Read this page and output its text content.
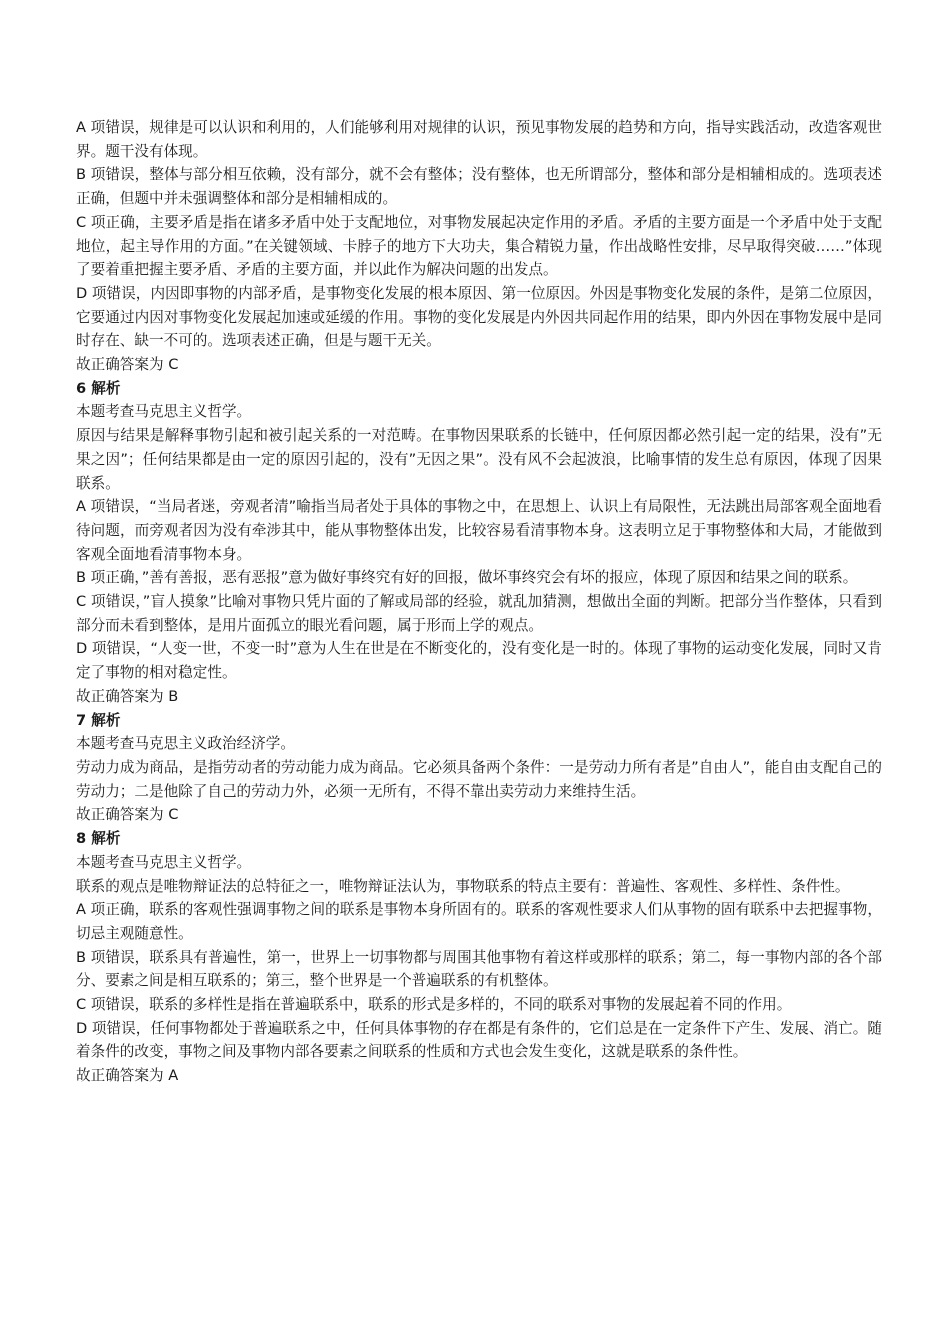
A 项错误，规律是可以认识和利用的，人们能够利用对规律的认识，预见事物发展的趋势和方向，指导实践活动，改造客观世界。题干没有体现。

B 项错误，整体与部分相互依赖，没有部分，就不会有整体；没有整体，也无所谓部分，整体和部分是相辅相成的。选项表述正确，但题中并未强调整体和部分是相辅相成的。

C 项正确，主要矛盾是指在诸多矛盾中处于支配地位，对事物发展起决定作用的矛盾。矛盾的主要方面是一个矛盾中处于支配地位，起主导作用的方面。”在关键领域、卡脖子的地方下大功夫，集合精锐力量，作出战略性安排，尽早取得突破……”体现了要着重把握主要矛盾、矛盾的主要方面，并以此作为解决问题的出发点。

D 项错误，内因即事物的内部矛盾，是事物变化发展的根本原因、第一位原因。外因是事物变化发展的条件，是第二位原因，它要通过内因对事物变化发展起加速或延缓的作用。事物的变化发展是内外因共同起作用的结果，即内外因在事物发展中是同时存在、缺一不可的。选项表述正确，但是与题干无关。

故正确答案为 C

6 解析

本题考查马克思主义哲学。

原因与结果是解释事物引起和被引起关系的一对范畴。在事物因果联系的长链中，任何原因都必然引起一定的结果，没有”无果之因”；任何结果都是由一定的原因引起的，没有”无因之果”。没有风不会起波浪，比喻事情的发生总有原因，体现了因果联系。

A 项错误，“当局者迷，旁观者清”喻指当局者处于具体的事物之中，在思想上、认识上有局限性，无法跳出局部客观全面地看待问题，而旁观者因为没有牵涉其中，能从事物整体出发，比较容易看清事物本身。这表明立足于事物整体和大局，才能做到客观全面地看清事物本身。

B 项正确，”善有善报，恶有恶报”意为做好事终究有好的回报，做坏事终究会有坏的报应，体现了原因和结果之间的联系。

C 项错误，”盲人摸象”比喻对事物只凭片面的了解或局部的经验，就乱加猜测，想做出全面的判断。把部分当作整体，只看到部分而未看到整体，是用片面孤立的眼光看问题，属于形而上学的观点。

D 项错误，“人变一世，不变一时”意为人生在世是在不断变化的，没有变化是一时的。体现了事物的运动变化发展，同时又肯定了事物的相对稳定性。

故正确答案为 B

7 解析

本题考查马克思主义政治经济学。

劳动力成为商品，是指劳动者的劳动能力成为商品。它必须具备两个条件：一是劳动力所有者是”自由人”，能自由支配自己的劳动力；二是他除了自己的劳动力外，必须一无所有，不得不靠出卖劳动力来维持生活。

故正确答案为 C

8 解析

本题考查马克思主义哲学。

联系的观点是唯物辩证法的总特征之一，唯物辩证法认为，事物联系的特点主要有：普遍性、客观性、多样性、条件性。

A 项正确，联系的客观性强调事物之间的联系是事物本身所固有的。联系的客观性要求人们从事物的固有联系中去把握事物，切忌主观随意性。

B 项错误，联系具有普遍性，第一，世界上一切事物都与周围其他事物有着这样或那样的联系；第二，每一事物内部的各个部分、要素之间是相互联系的；第三，整个世界是一个普遍联系的有机整体。

C 项错误，联系的多样性是指在普遍联系中，联系的形式是多样的，不同的联系对事物的发展起着不同的作用。

D 项错误，任何事物都处于普遍联系之中，任何具体事物的存在都是有条件的，它们总是在一定条件下产生、发展、消亡。随着条件的改变，事物之间及事物内部各要素之间联系的性质和方式也会发生变化，这就是联系的条件性。

故正确答案为 A
